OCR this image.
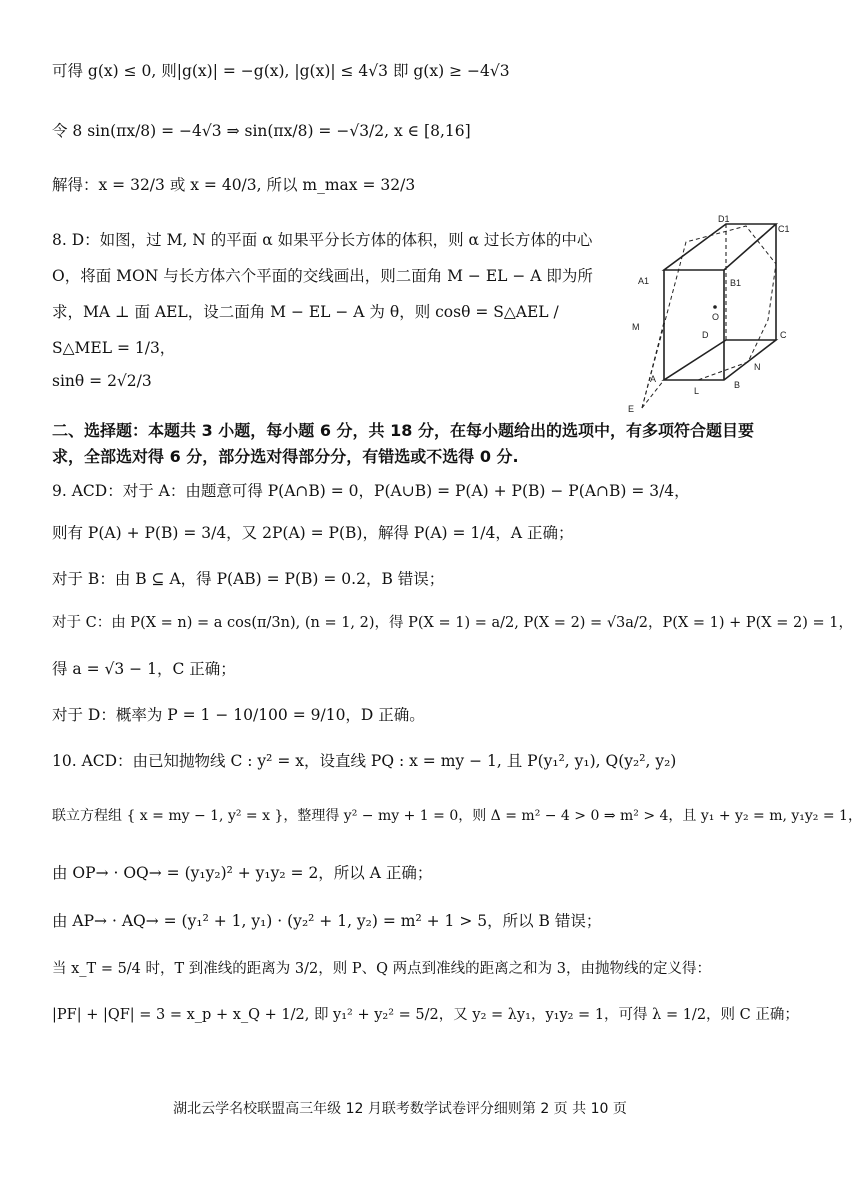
可得 g(x) ≤ 0, 则|g(x)| = −g(x), |g(x)| ≤ 4√3 即 g(x) ≥ −4√3
令 8 sin(πx/8) = −4√3 ⇒ sin(πx/8) = −√3/2, x ∈ [8,16]
解得：x = 32/3 或 x = 40/3, 所以 m_max = 32/3
8. D：如图，过 M, N 的平面 α 如果平分长方体的体积，则 α 过长方体的中心 O，将面 MON 与长方体六个平面的交线画出，则二面角 M − EL − A 即为所求，MA ⊥ 面 AEL，设二面角 M − EL − A 为 θ，则 cosθ = S△AEL / S△MEL = 1/3，
sinθ = 2√2/3
二、选择题：本题共 3 小题，每小题 6 分，共 18 分，在每小题给出的选项中，有多项符合题目要求，全部选对得 6 分，部分选对得部分分，有错选或不选得 0 分.
9. ACD：对于 A：由题意可得 P(A∩B) = 0，P(A∪B) = P(A) + P(B) − P(A∩B) = 3/4，
则有 P(A) + P(B) = 3/4，又 2P(A) = P(B)，解得 P(A) = 1/4，A 正确；
对于 B：由 B ⊆ A，得 P(AB) = P(B) = 0.2，B 错误；
对于 C：由 P(X = n) = a cos(π/3n), (n = 1, 2)，得 P(X = 1) = a/2, P(X = 2) = √3a/2，P(X = 1) + P(X = 2) = 1，
得 a = √3 − 1，C 正确；
对于 D：概率为 P = 1 − 10/100 = 9/10，D 正确。
10. ACD：由已知抛物线 C : y² = x，设直线 PQ : x = my − 1, 且 P(y₁², y₁), Q(y₂², y₂)
联立方程组 { x = my − 1, y² = x }，整理得 y² − my + 1 = 0，则 Δ = m² − 4 > 0 ⇒ m² > 4，且 y₁ + y₂ = m, y₁y₂ = 1，
由 OP→ · OQ→ = (y₁y₂)² + y₁y₂ = 2，所以 A 正确；
由 AP→ · AQ→ = (y₁² + 1, y₁) · (y₂² + 1, y₂) = m² + 1 > 5，所以 B 错误；
当 x_T = 5/4 时，T 到准线的距离为 3/2，则 P、Q 两点到准线的距离之和为 3，由抛物线的定义得：
|PF| + |QF| = 3 = x_p + x_Q + 1/2, 即 y₁² + y₂² = 5/2，又 y₂ = λy₁，y₁y₂ = 1，可得 λ = 1/2，则 C 正确；
D1
C1
A1	B1
M
D
O
C
A
N
L
B
E
湖北云学名校联盟高三年级 12 月联考数学试卷评分细则第 2 页 共 10 页
